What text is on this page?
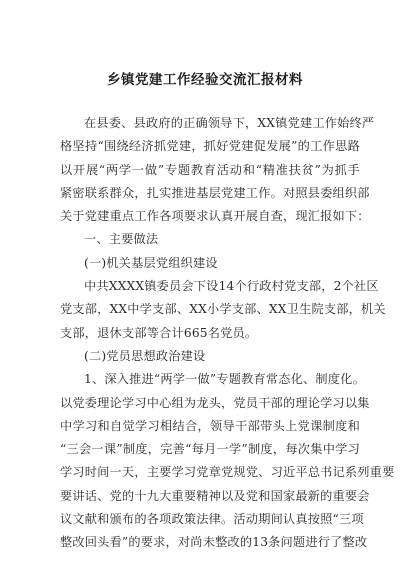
乡镇党建工作经验交流汇报材料
在县委、县政府的正确领导下，XX镇党建工作始终严
格坚持“围绕经济抓党建，抓好党建促发展”的工作思路
以开展“两学一做”专题教育活动和“精准扶贫”为抓手
紧密联系群众，扎实推进基层党建工作。对照县委组织部
关于党建重点工作各项要求认真开展自查，现汇报如下：
一、主要做法
(一)机关基层党组织建设
中共XXXX镇委员会下设14个行政村党支部，2个社区
党支部，XX中学支部、XX小学支部、XX卫生院支部，机关
支部，退休支部等合计665名党员。
(二)党员思想政治建设
1、深入推进“两学一做”专题教育常态化、制度化。
以党委理论学习中心组为龙头，党员干部的理论学习以集
中学习和自觉学习相结合，领导干部带头上党课制度和
“三会一课”制度，完善“每月一学”制度，每次集中学习
学习时间一天，主要学习党章党规党、习近平总书记系列重要
要讲话、党的十九大重要精神以及党和国家最新的重要会
议文献和颁布的各项政策法律。活动期间认真按照“三项
整改回头看”的要求，对尚未整改的13条问题进行了整改
